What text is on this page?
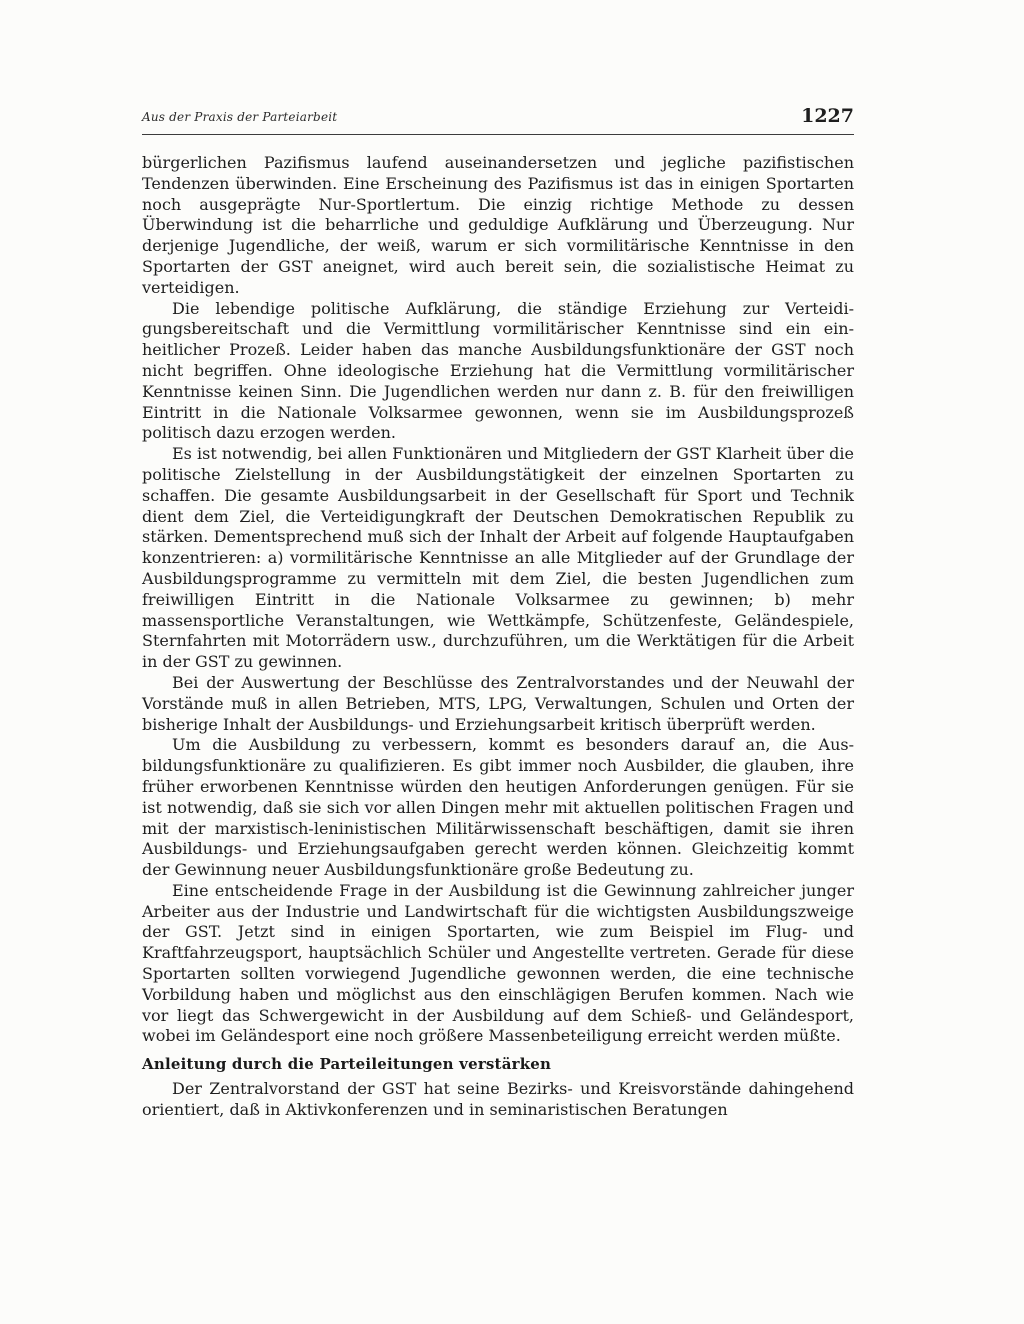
Aus der Praxis der Parteiarbeit	1227

bürgerlichen Pazifismus laufend auseinandersetzen und jegliche pazifistischen Tendenzen überwinden. Eine Erscheinung des Pazifismus ist das in einigen Sportarten noch ausgeprägte Nur-Sportlertum. Die einzig richtige Methode zu dessen Überwindung ist die beharrliche und geduldige Aufklärung und Überzeugung. Nur derjenige Jugendliche, der weiß, warum er sich vormilitärische Kenntnisse in den Sportarten der GST aneignet, wird auch bereit sein, die sozialistische Heimat zu verteidigen.

Die lebendige politische Aufklärung, die ständige Erziehung zur Verteidigungsbereitschaft und die Vermittlung vormilitärischer Kenntnisse sind ein einheitlicher Prozeß. Leider haben das manche Ausbildungsfunktionäre der GST noch nicht begriffen. Ohne ideologische Erziehung hat die Vermittlung vormilitärischer Kenntnisse keinen Sinn. Die Jugendlichen werden nur dann z. B. für den freiwilligen Eintritt in die Nationale Volksarmee gewonnen, wenn sie im Ausbildungsprozeß politisch dazu erzogen werden.

Es ist notwendig, bei allen Funktionären und Mitgliedern der GST Klarheit über die politische Zielstellung in der Ausbildungstätigkeit der einzelnen Sportarten zu schaffen. Die gesamte Ausbildungsarbeit in der Gesellschaft für Sport und Technik dient dem Ziel, die Verteidigungkraft der Deutschen Demokratischen Republik zu stärken. Dementsprechend muß sich der Inhalt der Arbeit auf folgende Hauptaufgaben konzentrieren: a) vormilitärische Kenntnisse an alle Mitglieder auf der Grundlage der Ausbildungsprogramme zu vermitteln mit dem Ziel, die besten Jugendlichen zum freiwilligen Eintritt in die Nationale Volksarmee zu gewinnen; b) mehr massensportliche Veranstaltungen, wie Wettkämpfe, Schützenfeste, Geländespiele, Sternfahrten mit Motorrädern usw., durchzuführen, um die Werktätigen für die Arbeit in der GST zu gewinnen.

Bei der Auswertung der Beschlüsse des Zentralvorstandes und der Neuwahl der Vorstände muß in allen Betrieben, MTS, LPG, Verwaltungen, Schulen und Orten der bisherige Inhalt der Ausbildungs- und Erziehungsarbeit kritisch überprüft werden.

Um die Ausbildung zu verbessern, kommt es besonders darauf an, die Ausbildungsfunktionäre zu qualifizieren. Es gibt immer noch Ausbilder, die glauben, ihre früher erworbenen Kenntnisse würden den heutigen Anforderungen genügen. Für sie ist notwendig, daß sie sich vor allen Dingen mehr mit aktuellen politischen Fragen und mit der marxistisch-leninistischen Militärwissenschaft beschäftigen, damit sie ihren Ausbildungs- und Erziehungsaufgaben gerecht werden können. Gleichzeitig kommt der Gewinnung neuer Ausbildungsfunktionäre große Bedeutung zu.

Eine entscheidende Frage in der Ausbildung ist die Gewinnung zahlreicher junger Arbeiter aus der Industrie und Landwirtschaft für die wichtigsten Ausbildungszweige der GST. Jetzt sind in einigen Sportarten, wie zum Beispiel im Flug- und Kraftfahrzeugsport, hauptsächlich Schüler und Angestellte vertreten. Gerade für diese Sportarten sollten vorwiegend Jugendliche gewonnen werden, die eine technische Vorbildung haben und möglichst aus den einschlägigen Berufen kommen. Nach wie vor liegt das Schwergewicht in der Ausbildung auf dem Schieß- und Geländesport, wobei im Geländesport eine noch größere Massenbeteiligung erreicht werden müßte.

Anleitung durch die Parteileitungen verstärken

Der Zentralvorstand der GST hat seine Bezirks- und Kreisvorstände dahingehend orientiert, daß in Aktivkonferenzen und in seminaristischen Beratungen
